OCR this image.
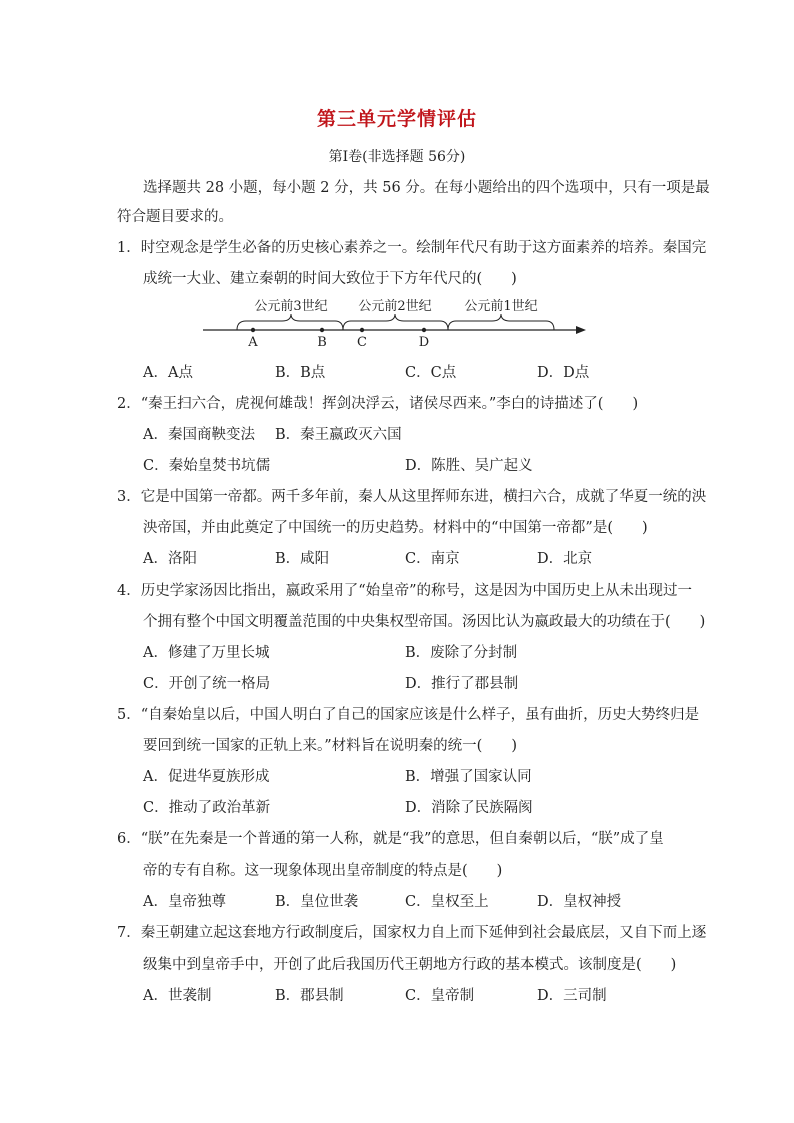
第三单元学情评估
第Ⅰ卷(非选择题 56分)
选择题共 28 小题，每小题 2 分，共 56 分。在每小题给出的四个选项中，只有一项是最
符合题目要求的。
1．时空观念是学生必备的历史核心素养之一。绘制年代尺有助于这方面素养的培养。秦国完
成统一大业、建立秦朝的时间大致位于下方年代尺的(　　)
公元前3世纪 公元前2世纪	公元前1世纪
A	B C	D
A．A点	B．B点	C．C点	D．D点
2．“秦王扫六合，虎视何雄哉！挥剑决浮云，诸侯尽西来。”李白的诗描述了(　　)
A．秦国商鞅变法 B．秦王嬴政灭六国
C．秦始皇焚书坑儒	D．陈胜、吴广起义
3．它是中国第一帝都。两千多年前，秦人从这里挥师东进，横扫六合，成就了华夏一统的泱
泱帝国，并由此奠定了中国统一的历史趋势。材料中的“中国第一帝都”是(　　)
A．洛阳	B．咸阳	C．南京	D．北京
4．历史学家汤因比指出，嬴政采用了“始皇帝”的称号，这是因为中国历史上从未出现过一
个拥有整个中国文明覆盖范围的中央集权型帝国。汤因比认为嬴政最大的功绩在于(　　)
A．修建了万里长城	B．废除了分封制
C．开创了统一格局	D．推行了郡县制
5．“自秦始皇以后，中国人明白了自己的国家应该是什么样子，虽有曲折，历史大势终归是
要回到统一国家的正轨上来。”材料旨在说明秦的统一(　　)
A．促进华夏族形成	B．增强了国家认同
C．推动了政治革新	D．消除了民族隔阂
6．“朕”在先秦是一个普通的第一人称，就是“我”的意思，但自秦朝以后，“朕”成了皇
帝的专有自称。这一现象体现出皇帝制度的特点是(　　)
A．皇帝独尊	B．皇位世袭	C．皇权至上	D．皇权神授
7．秦王朝建立起这套地方行政制度后，国家权力自上而下延伸到社会最底层，又自下而上逐
级集中到皇帝手中，开创了此后我国历代王朝地方行政的基本模式。该制度是(　　)
A．世袭制	B．郡县制	C．皇帝制	D．三司制
